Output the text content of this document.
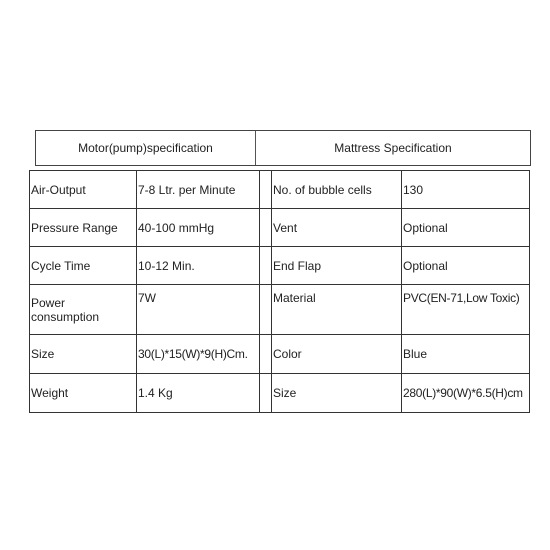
Motor(pump)specification	Mattress Specification
Air-Output	7-8 Ltr. per Minute		No. of bubble cells	130
Pressure Range	40-100 mmHg		Vent	Optional
Cycle Time	10-12 Min.		End Flap	Optional
Power consumption	7W		Material	PVC(EN-71,Low Toxic)
Size	30(L)*15(W)*9(H)Cm.		Color	Blue
Weight	1.4 Kg		Size	280(L)*90(W)*6.5(H)cm
